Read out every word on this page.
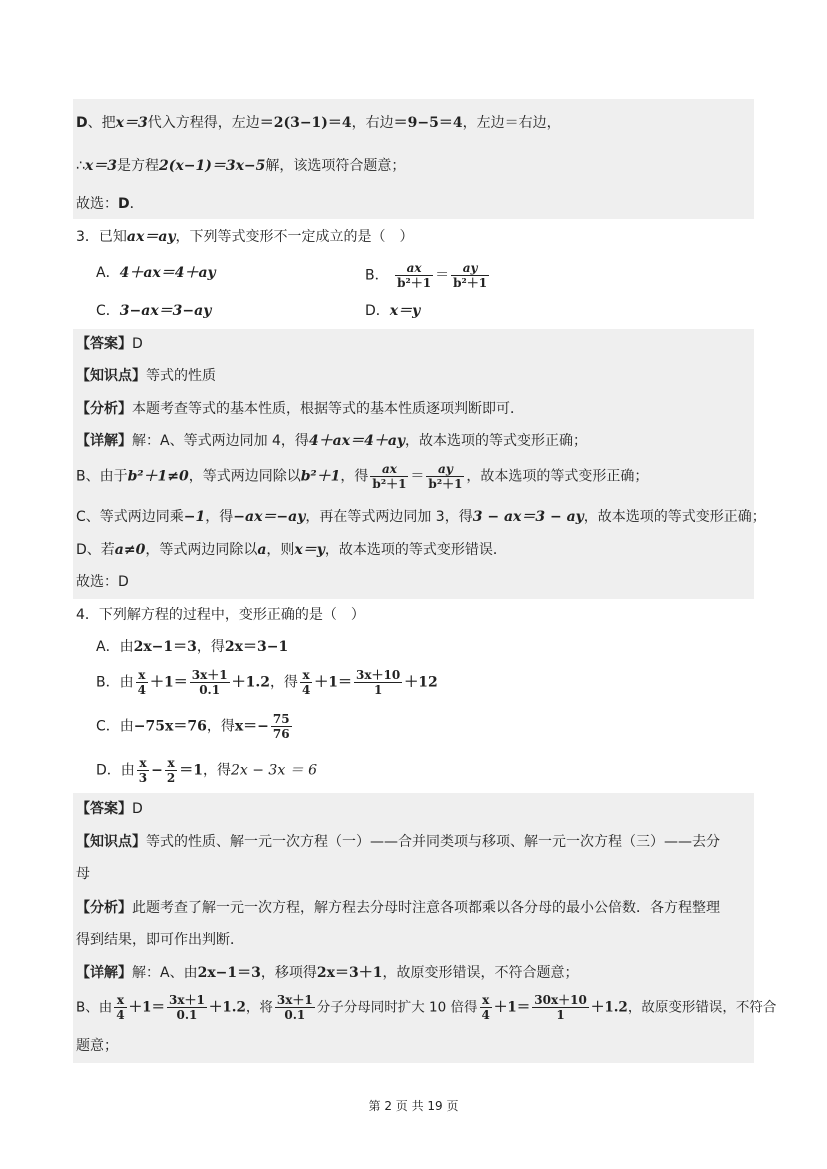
D、把x＝3代入方程得，左边＝2(3−1)＝4，右边＝9−5＝4，左边＝右边，
∴x＝3是方程2(x−1)＝3x−5解，该选项符合题意；
故选：D．
3．已知ax＝ay，下列等式变形不一定成立的是（　）
A．4＋ax＝4＋ay	B． $\frac{ax}{\text{b²＋1}} = \frac{ay}{\text{b²＋1}}$
C．3−ax＝3−ay	D．x＝y
【答案】D
【知识点】等式的性质
【分析】本题考查等式的基本性质，根据等式的基本性质逐项判断即可．
【详解】解：A、等式两边同加 4，得4＋ax＝4＋ay，故本选项的等式变形正确；
B、由于b²＋1≠0，等式两边同除以b²＋1，得 $\frac{ax}{\text{b²＋1}} = \frac{ay}{\text{b²＋1}}$ ，故本选项的等式变形正确；
C、等式两边同乘−1，得−ax＝−ay，再在等式两边同加 3，得3 − ax＝3 − ay，故本选项的等式变形正确；
D、若a≠0，等式两边同除以a，则x＝y，故本选项的等式变形错误．
故选：D
4．下列解方程的过程中，变形正确的是（　）
A．由2x−1＝3，得2x＝3−1
B．由 $\frac{x}{4} +1= \frac{3x+1}{0.1} +1.2$，得 $\frac{x}{4} +1= \frac{3x+10}{1} +12$
C．由−75x＝76，得$x=- \frac{75}{76}$
D．由 $\frac{x}{3} - \frac{x}{2} =1$，得2x − 3x ＝ 6
【答案】D
【知识点】等式的性质、解一元一次方程（一）——合并同类项与移项、解一元一次方程（三）——去分
母
【分析】此题考查了解一元一次方程，解方程去分母时注意各项都乘以各分母的最小公倍数．各方程整理
得到结果，即可作出判断．
【详解】解：A、由2x−1＝3，移项得2x＝3＋1，故原变形错误，不符合题意；
B、由 $\frac{x}{4} +1= \frac{3x+1}{0.1} +1.2$，将 $\frac{3x+1}{0.1}$ 分子分母同时扩大 10 倍得 $\frac{x}{4} +1= \frac{30x+10}{1} +1.2$，故原变形错误，不符合
题意；
第 2 页 共 19 页
